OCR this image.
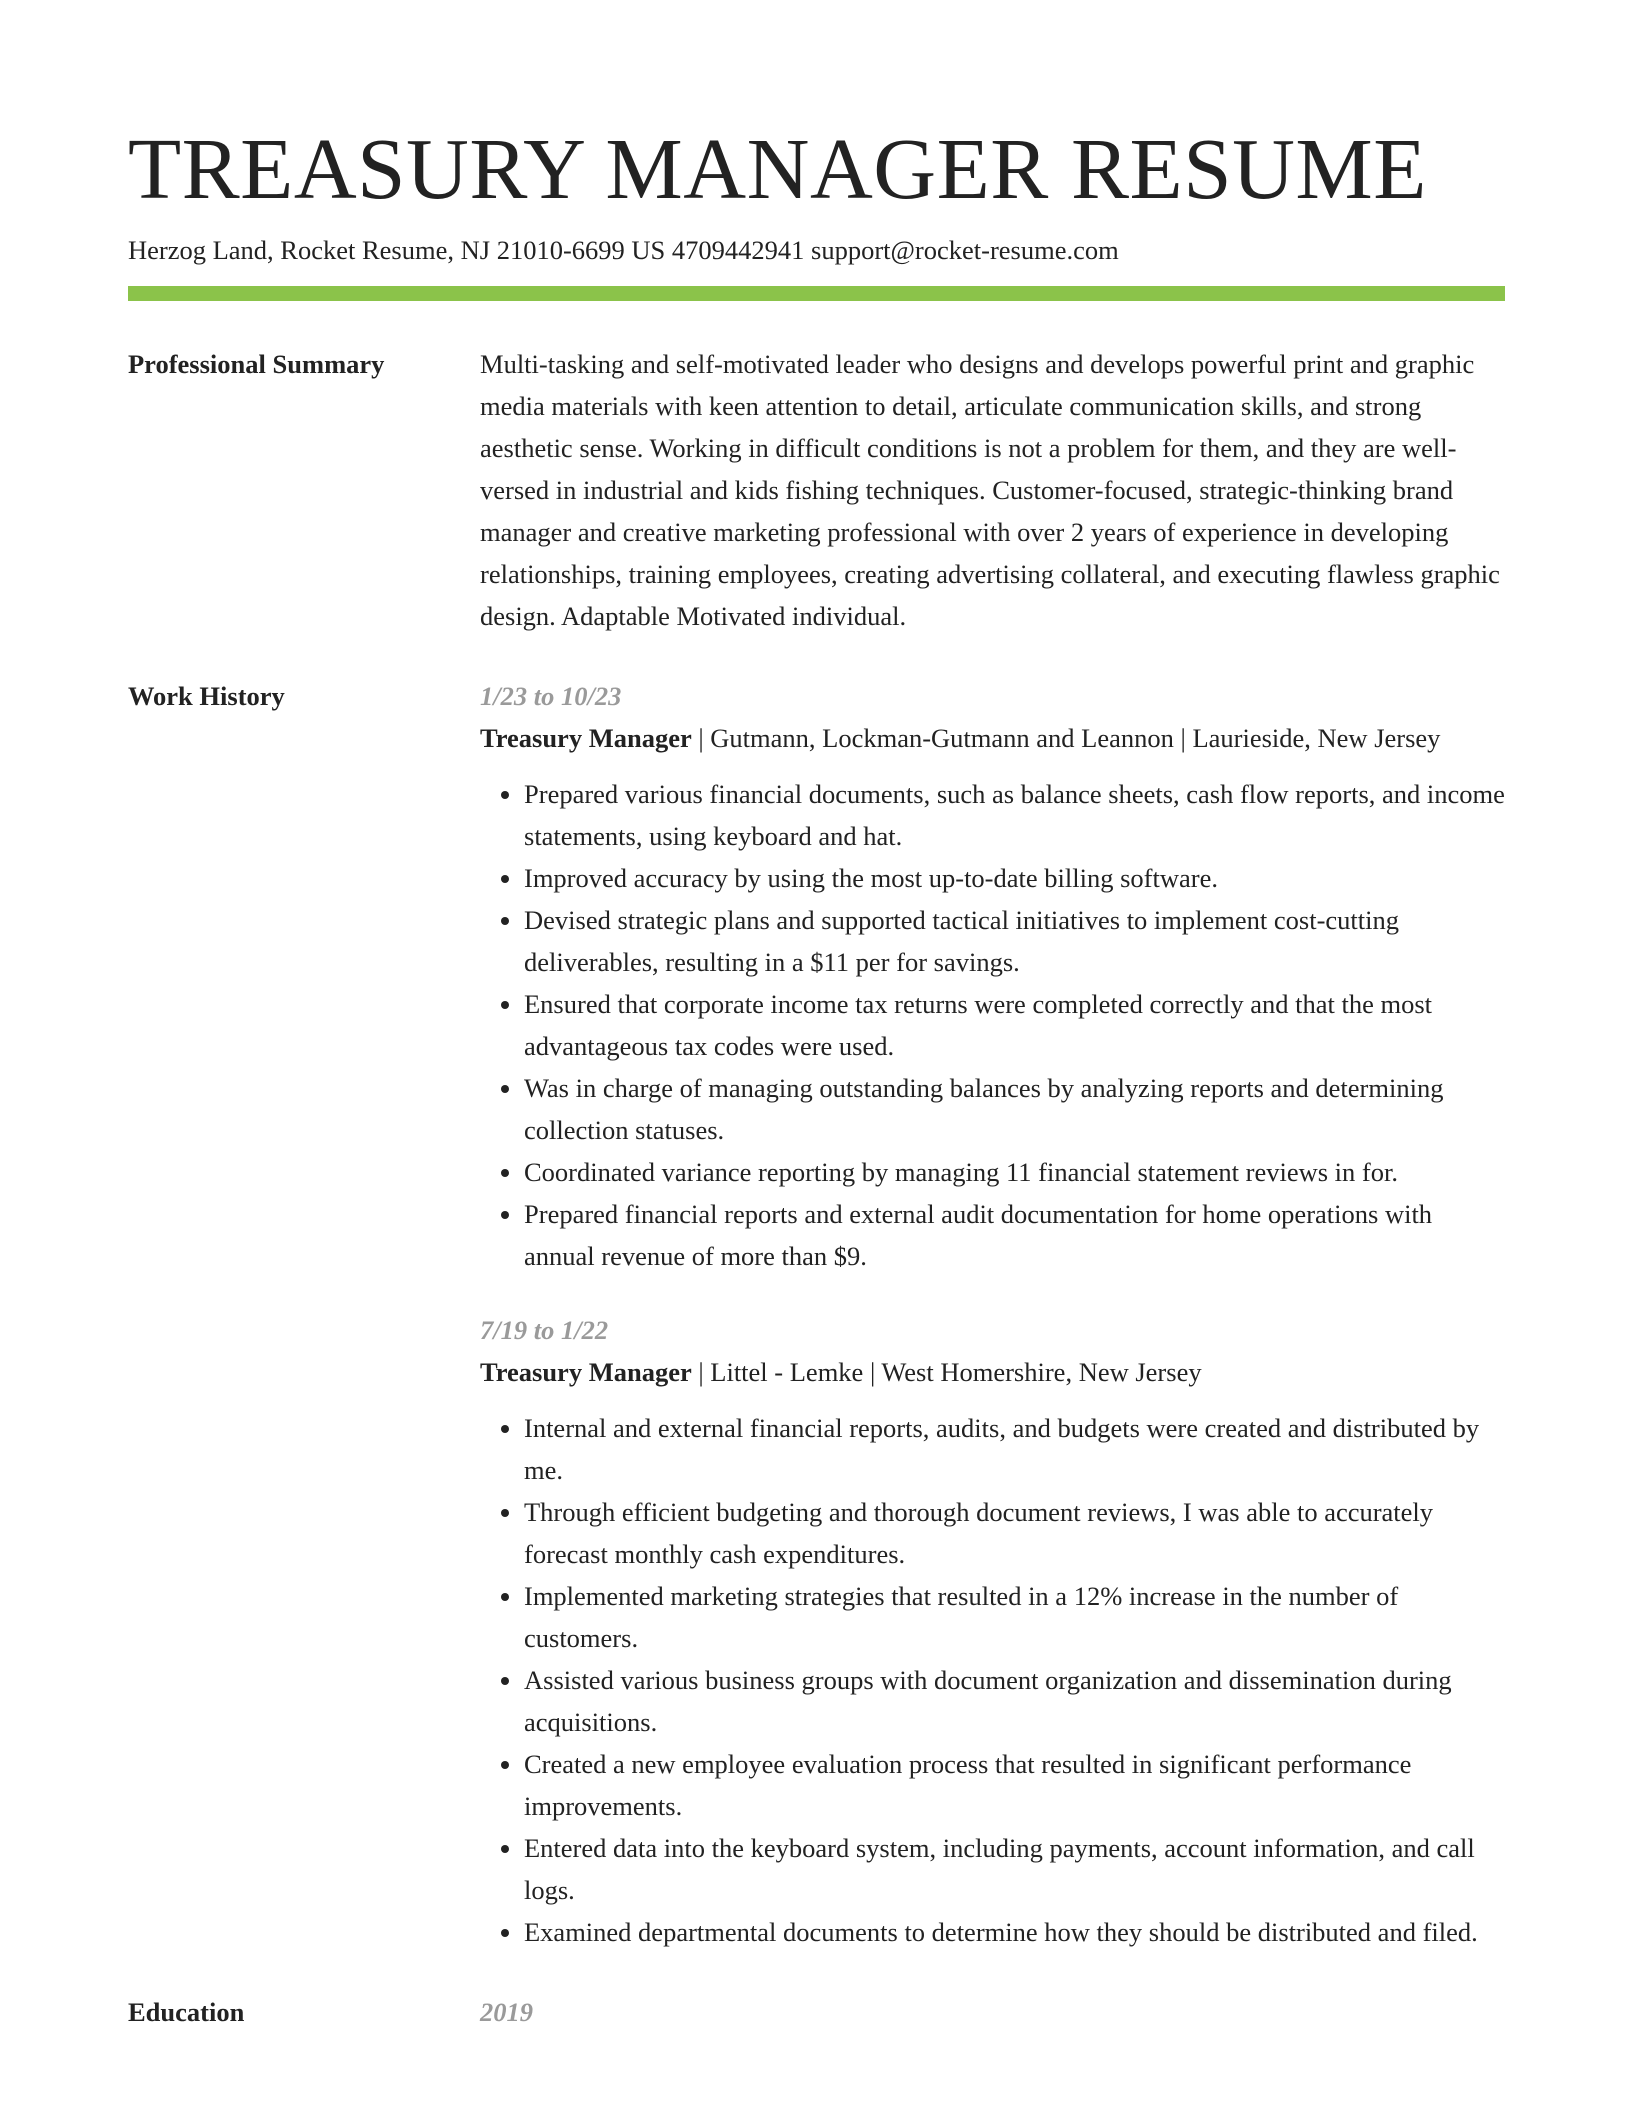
TREASURY MANAGER RESUME
Herzog Land, Rocket Resume, NJ 21010-6699 US 4709442941 support@rocket-resume.com
Professional Summary	Multi-tasking and self-motivated leader who designs and develops powerful print and graphic media materials with keen attention to detail, articulate communication skills, and strong aesthetic sense. Working in difficult conditions is not a problem for them, and they are well-versed in industrial and kids fishing techniques. Customer-focused, strategic-thinking brand manager and creative marketing professional with over 2 years of experience in developing relationships, training employees, creating advertising collateral, and executing flawless graphic design. Adaptable Motivated individual.

Work History	1/23 to 10/23
Treasury Manager | Gutmann, Lockman-Gutmann and Leannon | Laurieside, New Jersey
• Prepared various financial documents, such as balance sheets, cash flow reports, and income statements, using keyboard and hat.
• Improved accuracy by using the most up-to-date billing software.
• Devised strategic plans and supported tactical initiatives to implement cost-cutting deliverables, resulting in a $11 per for savings.
• Ensured that corporate income tax returns were completed correctly and that the most advantageous tax codes were used.
• Was in charge of managing outstanding balances by analyzing reports and determining collection statuses.
• Coordinated variance reporting by managing 11 financial statement reviews in for.
• Prepared financial reports and external audit documentation for home operations with annual revenue of more than $9.
7/19 to 1/22
Treasury Manager | Littel - Lemke | West Homershire, New Jersey
• Internal and external financial reports, audits, and budgets were created and distributed by me.
• Through efficient budgeting and thorough document reviews, I was able to accurately forecast monthly cash expenditures.
• Implemented marketing strategies that resulted in a 12% increase in the number of customers.
• Assisted various business groups with document organization and dissemination during acquisitions.
• Created a new employee evaluation process that resulted in significant performance improvements.
• Entered data into the keyboard system, including payments, account information, and call logs.
• Examined departmental documents to determine how they should be distributed and filed.
Education	2019
